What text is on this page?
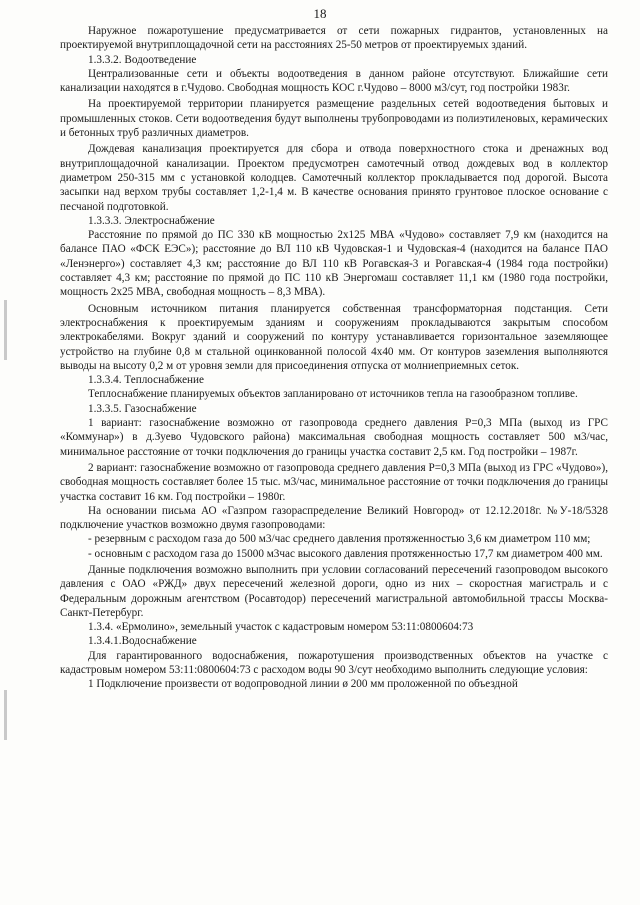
18

Наружное пожаротушение предусматривается от сети пожарных гидрантов, установленных на проектируемой внутриплощадочной сети на расстояниях 25-50 метров от проектируемых зданий.

1.3.3.2. Водоотведение

Централизованные сети и объекты водоотведения в данном районе отсутствуют. Ближайшие сети канализации находятся в г.Чудово. Свободная мощность КОС г.Чудово – 8000 м3/сут, год постройки 1983г.

На проектируемой территории планируется размещение раздельных сетей водоотведения бытовых и промышленных стоков. Сети водоотведения будут выполнены трубопроводами из полиэтиленовых, керамических и бетонных труб различных диаметров.

Дождевая канализация проектируется для сбора и отвода поверхностного стока и дренажных вод внутриплощадочной канализации. Проектом предусмотрен самотечный отвод дождевых вод в коллектор диаметром 250-315 мм с установкой колодцев. Самотечный коллектор прокладывается под дорогой. Высота засыпки над верхом трубы составляет 1,2-1,4 м. В качестве основания принято грунтовое плоское основание с песчаной подготовкой.

1.3.3.3. Электроснабжение

Расстояние по прямой до ПС 330 кВ мощностью 2х125 МВА «Чудово» составляет 7,9 км (находится на балансе ПАО «ФСК ЕЭС»); расстояние до ВЛ 110 кВ Чудовская-1 и Чудовская-4 (находится на балансе ПАО «Ленэнерго») составляет 4,3 км; расстояние до ВЛ 110 кВ Рогавская-3 и Рогавская-4 (1984 года постройки) составляет 4,3 км; расстояние по прямой до ПС 110 кВ Энергомаш составляет 11,1 км (1980 года постройки, мощность 2х25 МВА, свободная мощность – 8,3 МВА).

Основным источником питания планируется собственная трансформаторная подстанция. Сети электроснабжения к проектируемым зданиям и сооружениям прокладываются закрытым способом электрокабелями. Вокруг зданий и сооружений по контуру устанавливается горизонтальное заземляющее устройство на глубине 0,8 м стальной оцинкованной полосой 4х40 мм. От контуров заземления выполняются выводы на высоту 0,2 м от уровня земли для присоединения отпуска от молниеприемных сеток.

1.3.3.4. Теплоснабжение

Теплоснабжение планируемых объектов запланировано от источников тепла на газообразном топливе.

1.3.3.5. Газоснабжение

1 вариант: газоснабжение возможно от газопровода среднего давления Р=0,3 МПа (выход из ГРС «Коммунар») в д.Зуево Чудовского района) максимальная свободная мощность составляет 500 м3/час, минимальное расстояние от точки подключения до границы участка составит 2,5 км. Год постройки – 1987г.

2 вариант: газоснабжение возможно от газопровода среднего давления Р=0,3 МПа (выход из ГРС «Чудово»), свободная мощность составляет более 15 тыс. м3/час, минимальное расстояние от точки подключения до границы участка составит 16 км. Год постройки – 1980г.

На основании письма АО «Газпром газораспределение Великий Новгород» от 12.12.2018г. №У-18/5328 подключение участков возможно двумя газопроводами:

- резервным с расходом газа до 500 м3/час среднего давления протяженностью 3,6 км диаметром 110 мм;

- основным с расходом газа до 15000 м3час высокого давления протяженностью 17,7 км диаметром 400 мм.

Данные подключения возможно выполнить при условии согласований пересечений газопроводом высокого давления с ОАО «РЖД» двух пересечений железной дороги, одно из них – скоростная магистраль и с Федеральным дорожным агентством (Росавтодор) пересечений магистральной автомобильной трассы Москва-Санкт-Петербург.

1.3.4. «Ермолино», земельный участок с кадастровым номером 53:11:0800604:73

1.3.4.1.Водоснабжение

Для гарантированного водоснабжения, пожаротушения производственных объектов на участке с кадастровым номером 53:11:0800604:73 с расходом воды 90 3/сут необходимо выполнить следующие условия:

1 Подключение произвести от водопроводной линии ø 200 мм проложенной по объездной
